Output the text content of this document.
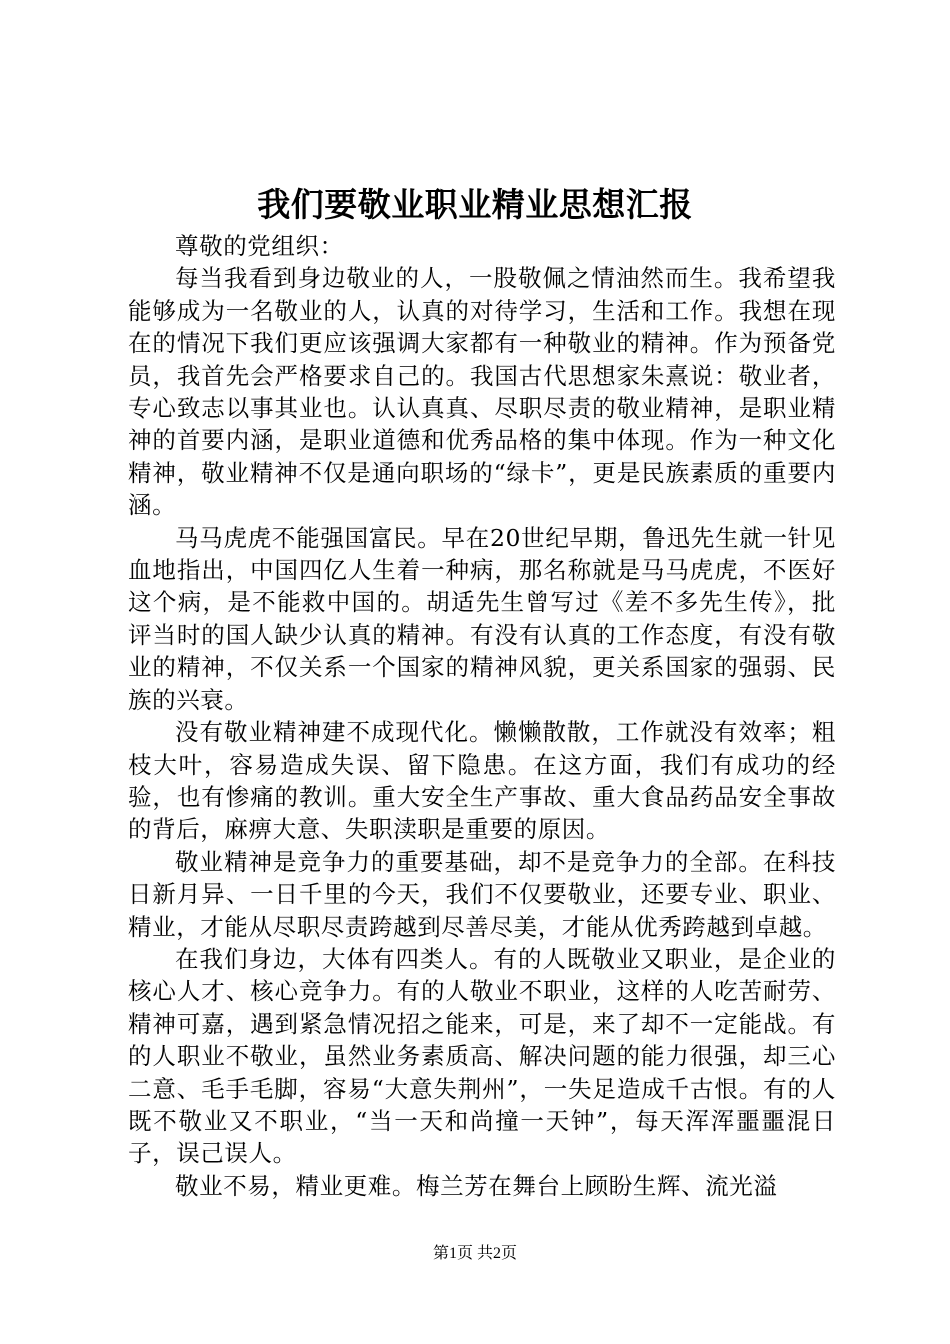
我们要敬业职业精业思想汇报

尊敬的党组织：

每当我看到身边敬业的人，一股敬佩之情油然而生。我希望我能够成为一名敬业的人，认真的对待学习，生活和工作。我想在现在的情况下我们更应该强调大家都有一种敬业的精神。作为预备党员，我首先会严格要求自己的。我国古代思想家朱熹说：敬业者，专心致志以事其业也。认认真真、尽职尽责的敬业精神，是职业精神的首要内涵，是职业道德和优秀品格的集中体现。作为一种文化精神，敬业精神不仅是通向职场的“绿卡”，更是民族素质的重要内涵。

马马虎虎不能强国富民。早在20世纪早期，鲁迅先生就一针见血地指出，中国四亿人生着一种病，那名称就是马马虎虎，不医好这个病，是不能救中国的。胡适先生曾写过《差不多先生传》，批评当时的国人缺少认真的精神。有没有认真的工作态度，有没有敬业的精神，不仅关系一个国家的精神风貌，更关系国家的强弱、民族的兴衰。

没有敬业精神建不成现代化。懒懒散散，工作就没有效率；粗枝大叶，容易造成失误、留下隐患。在这方面，我们有成功的经验，也有惨痛的教训。重大安全生产事故、重大食品药品安全事故的背后，麻痹大意、失职渎职是重要的原因。

敬业精神是竞争力的重要基础，却不是竞争力的全部。在科技日新月异、一日千里的今天，我们不仅要敬业，还要专业、职业、精业，才能从尽职尽责跨越到尽善尽美，才能从优秀跨越到卓越。

在我们身边，大体有四类人。有的人既敬业又职业，是企业的核心人才、核心竞争力。有的人敬业不职业，这样的人吃苦耐劳、精神可嘉，遇到紧急情况招之能来，可是，来了却不一定能战。有的人职业不敬业，虽然业务素质高、解决问题的能力很强，却三心二意、毛手毛脚，容易“大意失荆州”，一失足造成千古恨。有的人既不敬业又不职业，“当一天和尚撞一天钟”，每天浑浑噩噩混日子，误己误人。

敬业不易，精业更难。梅兰芳在舞台上顾盼生辉、流光溢

第1页 共2页
